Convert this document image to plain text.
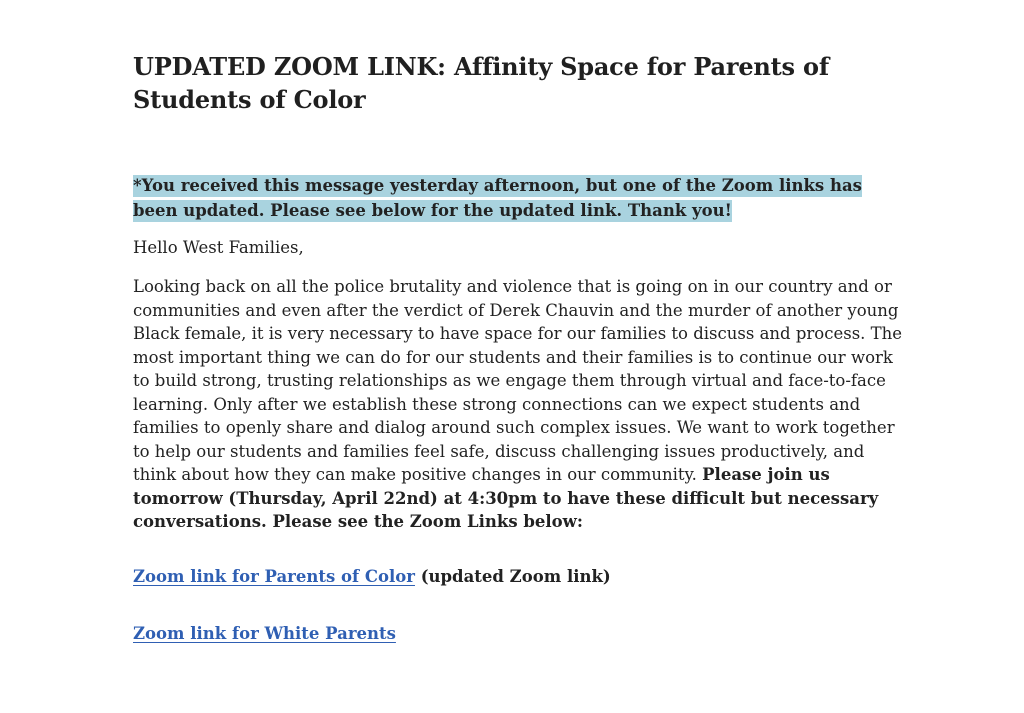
UPDATED ZOOM LINK: Affinity Space for Parents of Students of Color

*You received this message yesterday afternoon, but one of the Zoom links has been updated. Please see below for the updated link. Thank you!

Hello West Families,

Looking back on all the police brutality and violence that is going on in our country and or communities and even after the verdict of Derek Chauvin and the murder of another young Black female, it is very necessary to have space for our families to discuss and process. The most important thing we can do for our students and their families is to continue our work to build strong, trusting relationships as we engage them through virtual and face-to-face learning. Only after we establish these strong connections can we expect students and families to openly share and dialog around such complex issues. We want to work together to help our students and families feel safe, discuss challenging issues productively, and think about how they can make positive changes in our community. Please join us tomorrow (Thursday, April 22nd) at 4:30pm to have these difficult but necessary conversations. Please see the Zoom Links below:

Zoom link for Parents of Color (updated Zoom link)
Zoom link for White Parents
